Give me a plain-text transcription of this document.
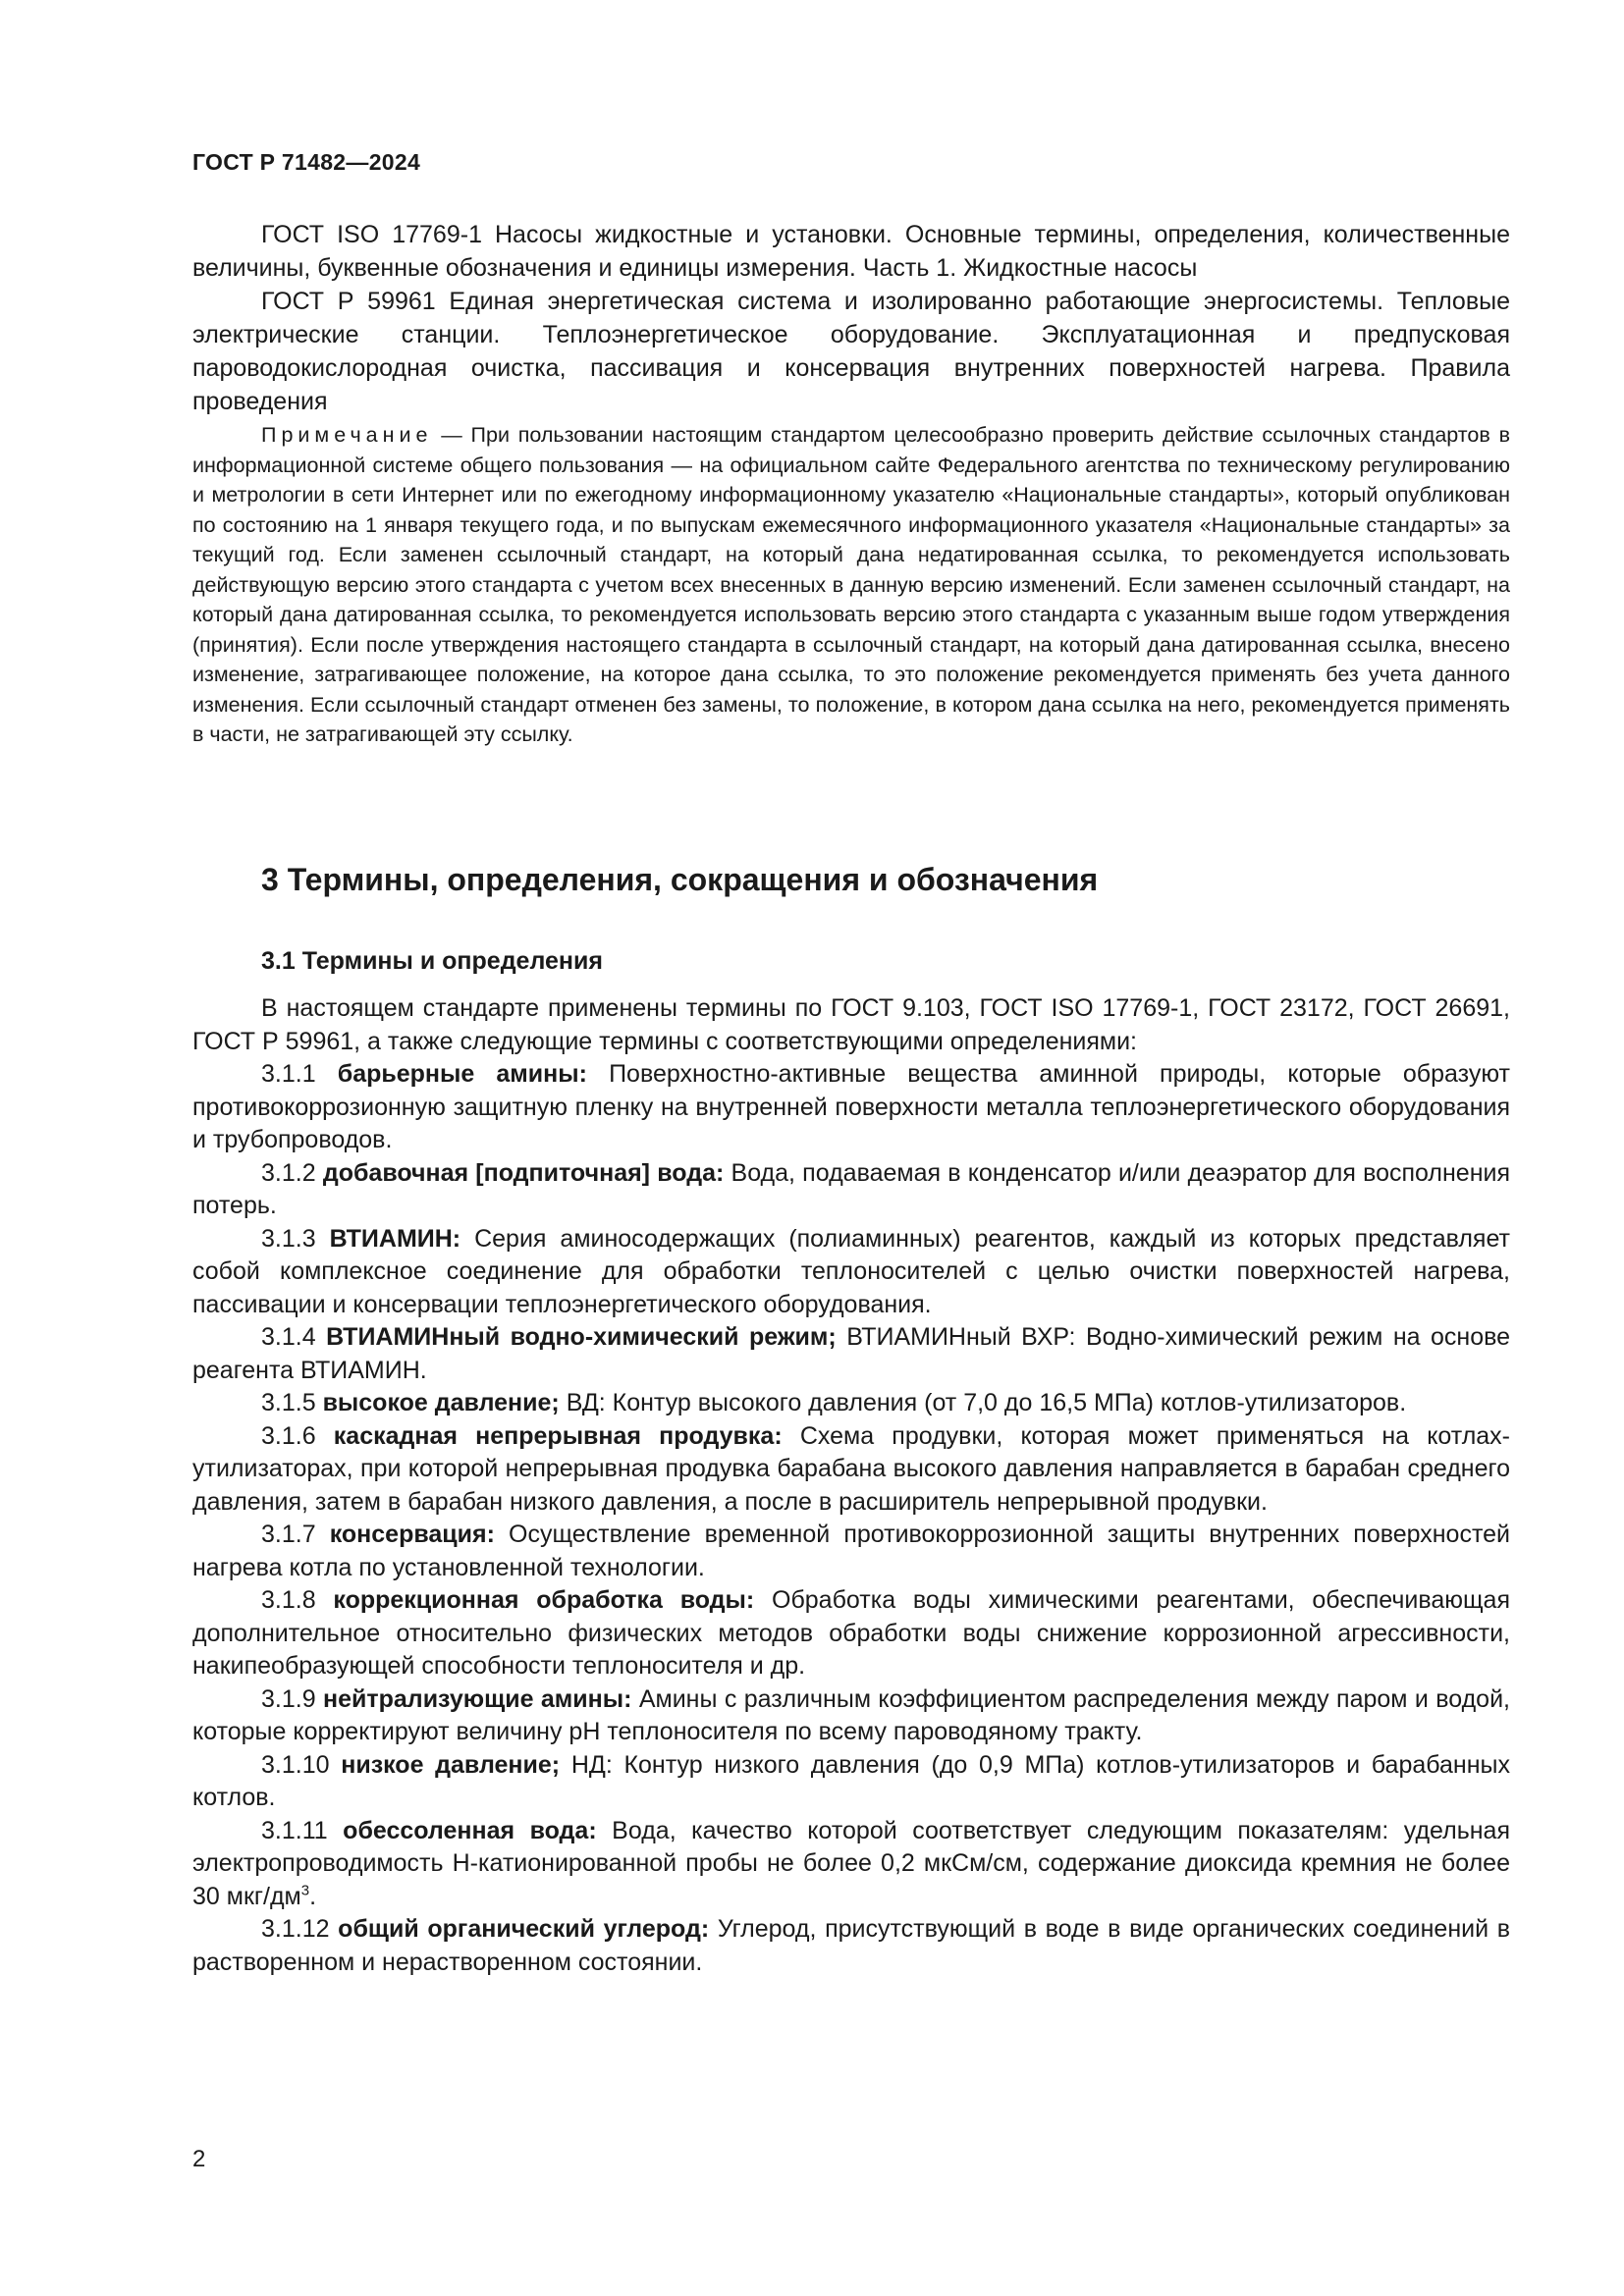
ГОСТ Р 71482—2024

ГОСТ ISO 17769-1 Насосы жидкостные и установки. Основные термины, определения, количественные величины, буквенные обозначения и единицы измерения. Часть 1. Жидкостные насосы

ГОСТ Р 59961 Единая энергетическая система и изолированно работающие энергосистемы. Тепловые электрические станции. Теплоэнергетическое оборудование. Эксплуатационная и предпусковая пароводокислородная очистка, пассивация и консервация внутренних поверхностей нагрева. Правила проведения

Примечание — При пользовании настоящим стандартом целесообразно проверить действие ссылочных стандартов в информационной системе общего пользования — на официальном сайте Федерального агентства по техническому регулированию и метрологии в сети Интернет или по ежегодному информационному указателю «Национальные стандарты», который опубликован по состоянию на 1 января текущего года, и по выпускам ежемесячного информационного указателя «Национальные стандарты» за текущий год. Если заменен ссылочный стандарт, на который дана недатированная ссылка, то рекомендуется использовать действующую версию этого стандарта с учетом всех внесенных в данную версию изменений. Если заменен ссылочный стандарт, на который дана датированная ссылка, то рекомендуется использовать версию этого стандарта с указанным выше годом утверждения (принятия). Если после утверждения настоящего стандарта в ссылочный стандарт, на который дана датированная ссылка, внесено изменение, затрагивающее положение, на которое дана ссылка, то это положение рекомендуется применять без учета данного изменения. Если ссылочный стандарт отменен без замены, то положение, в котором дана ссылка на него, рекомендуется применять в части, не затрагивающей эту ссылку.

3 Термины, определения, сокращения и обозначения
3.1 Термины и определения

В настоящем стандарте применены термины по ГОСТ 9.103, ГОСТ ISO 17769-1, ГОСТ 23172, ГОСТ 26691, ГОСТ Р 59961, а также следующие термины с соответствующими определениями:

3.1.1 барьерные амины: Поверхностно-активные вещества аминной природы, которые образуют противокоррозионную защитную пленку на внутренней поверхности металла теплоэнергетического оборудования и трубопроводов.

3.1.2 добавочная [подпиточная] вода: Вода, подаваемая в конденсатор и/или деаэратор для восполнения потерь.

3.1.3 ВТИАМИН: Серия аминосодержащих (полиаминных) реагентов, каждый из которых представляет собой комплексное соединение для обработки теплоносителей с целью очистки поверхностей нагрева, пассивации и консервации теплоэнергетического оборудования.

3.1.4 ВТИАМИНный водно-химический режим; ВТИАМИНный ВХР: Водно-химический режим на основе реагента ВТИАМИН.

3.1.5 высокое давление; ВД: Контур высокого давления (от 7,0 до 16,5 МПа) котлов-утилизаторов.

3.1.6 каскадная непрерывная продувка: Схема продувки, которая может применяться на котлах-утилизаторах, при которой непрерывная продувка барабана высокого давления направляется в барабан среднего давления, затем в барабан низкого давления, а после в расширитель непрерывной продувки.

3.1.7 консервация: Осуществление временной противокоррозионной защиты внутренних поверхностей нагрева котла по установленной технологии.

3.1.8 коррекционная обработка воды: Обработка воды химическими реагентами, обеспечивающая дополнительное относительно физических методов обработки воды снижение коррозионной агрессивности, накипеобразующей способности теплоносителя и др.

3.1.9 нейтрализующие амины: Амины с различным коэффициентом распределения между паром и водой, которые корректируют величину pH теплоносителя по всему пароводяному тракту.

3.1.10 низкое давление; НД: Контур низкого давления (до 0,9 МПа) котлов-утилизаторов и барабанных котлов.

3.1.11 обессоленная вода: Вода, качество которой соответствует следующим показателям: удельная электропроводимость Н-катионированной пробы не более 0,2 мкСм/см, содержание диоксида кремния не более 30 мкг/$дм^3$.

3.1.12 общий органический углерод: Углерод, присутствующий в воде в виде органических соединений в растворенном и нерастворенном состоянии.

2
